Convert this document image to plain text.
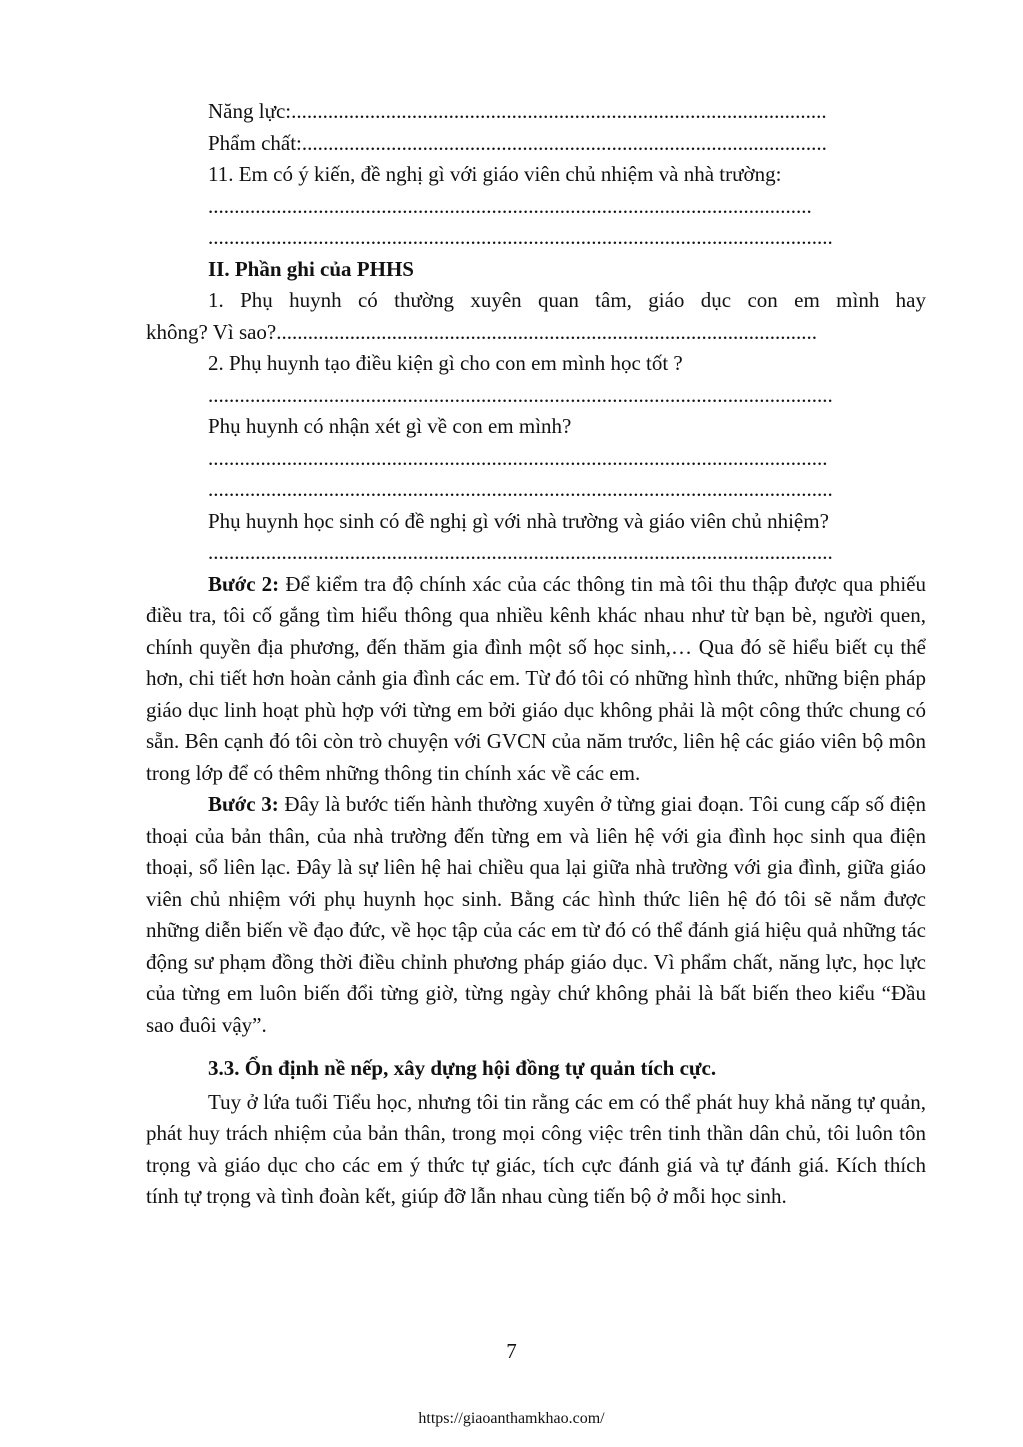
Năng lực:......................................................................................................
Phẩm chất:....................................................................................................
11. Em có ý kiến, đề nghị gì với giáo viên chủ nhiệm và nhà trường:
...................................................................................................................
.......................................................................................................................
II. Phần ghi của PHHS
1. Phụ huynh có thường xuyên quan tâm, giáo dục con em mình hay
không? Vì sao?.......................................................................................................
2. Phụ huynh tạo điều kiện gì cho con em mình học tốt ?
.......................................................................................................................
Phụ huynh có nhận xét gì về con em mình?
......................................................................................................................
.......................................................................................................................
Phụ huynh học sinh có đề nghị gì với nhà trường và giáo viên chủ nhiệm?
.......................................................................................................................

Bước 2: Để kiểm tra độ chính xác của các thông tin mà tôi thu thập được qua phiếu điều tra, tôi cố gắng tìm hiểu thông qua nhiều kênh khác nhau như từ bạn bè, người quen, chính quyền địa phương, đến thăm gia đình một số học sinh,… Qua đó sẽ hiểu biết cụ thể hơn, chi tiết hơn hoàn cảnh gia đình các em. Từ đó tôi có những hình thức, những biện pháp giáo dục linh hoạt phù hợp với từng em bởi giáo dục không phải là một công thức chung có sẵn. Bên cạnh đó tôi còn trò chuyện với GVCN của năm trước, liên hệ các giáo viên bộ môn trong lớp để có thêm những thông tin chính xác về các em.

Bước 3: Đây là bước tiến hành thường xuyên ở từng giai đoạn. Tôi cung cấp số điện thoại của bản thân, của nhà trường đến từng em và liên hệ với gia đình học sinh qua điện thoại, sổ liên lạc. Đây là sự liên hệ hai chiều qua lại giữa nhà trường với gia đình, giữa giáo viên chủ nhiệm với phụ huynh học sinh. Bằng các hình thức liên hệ đó tôi sẽ nắm được những diễn biến về đạo đức, về học tập của các em từ đó có thể đánh giá hiệu quả những tác động sư phạm đồng thời điều chỉnh phương pháp giáo dục. Vì phẩm chất, năng lực, học lực của từng em luôn biến đổi từng giờ, từng ngày chứ không phải là bất biến theo kiểu “Đầu sao đuôi vậy”.

3.3. Ổn định nề nếp, xây dựng hội đồng tự quản tích cực.

Tuy ở lứa tuổi Tiểu học, nhưng tôi tin rằng các em có thể phát huy khả năng tự quản, phát huy trách nhiệm của bản thân, trong mọi công việc trên tinh thần dân chủ, tôi luôn tôn trọng và giáo dục cho các em ý thức tự giác, tích cực đánh giá và tự đánh giá. Kích thích tính tự trọng và tình đoàn kết, giúp đỡ lẫn nhau cùng tiến bộ ở mỗi học sinh.

7
https://giaoanthamkhao.com/
